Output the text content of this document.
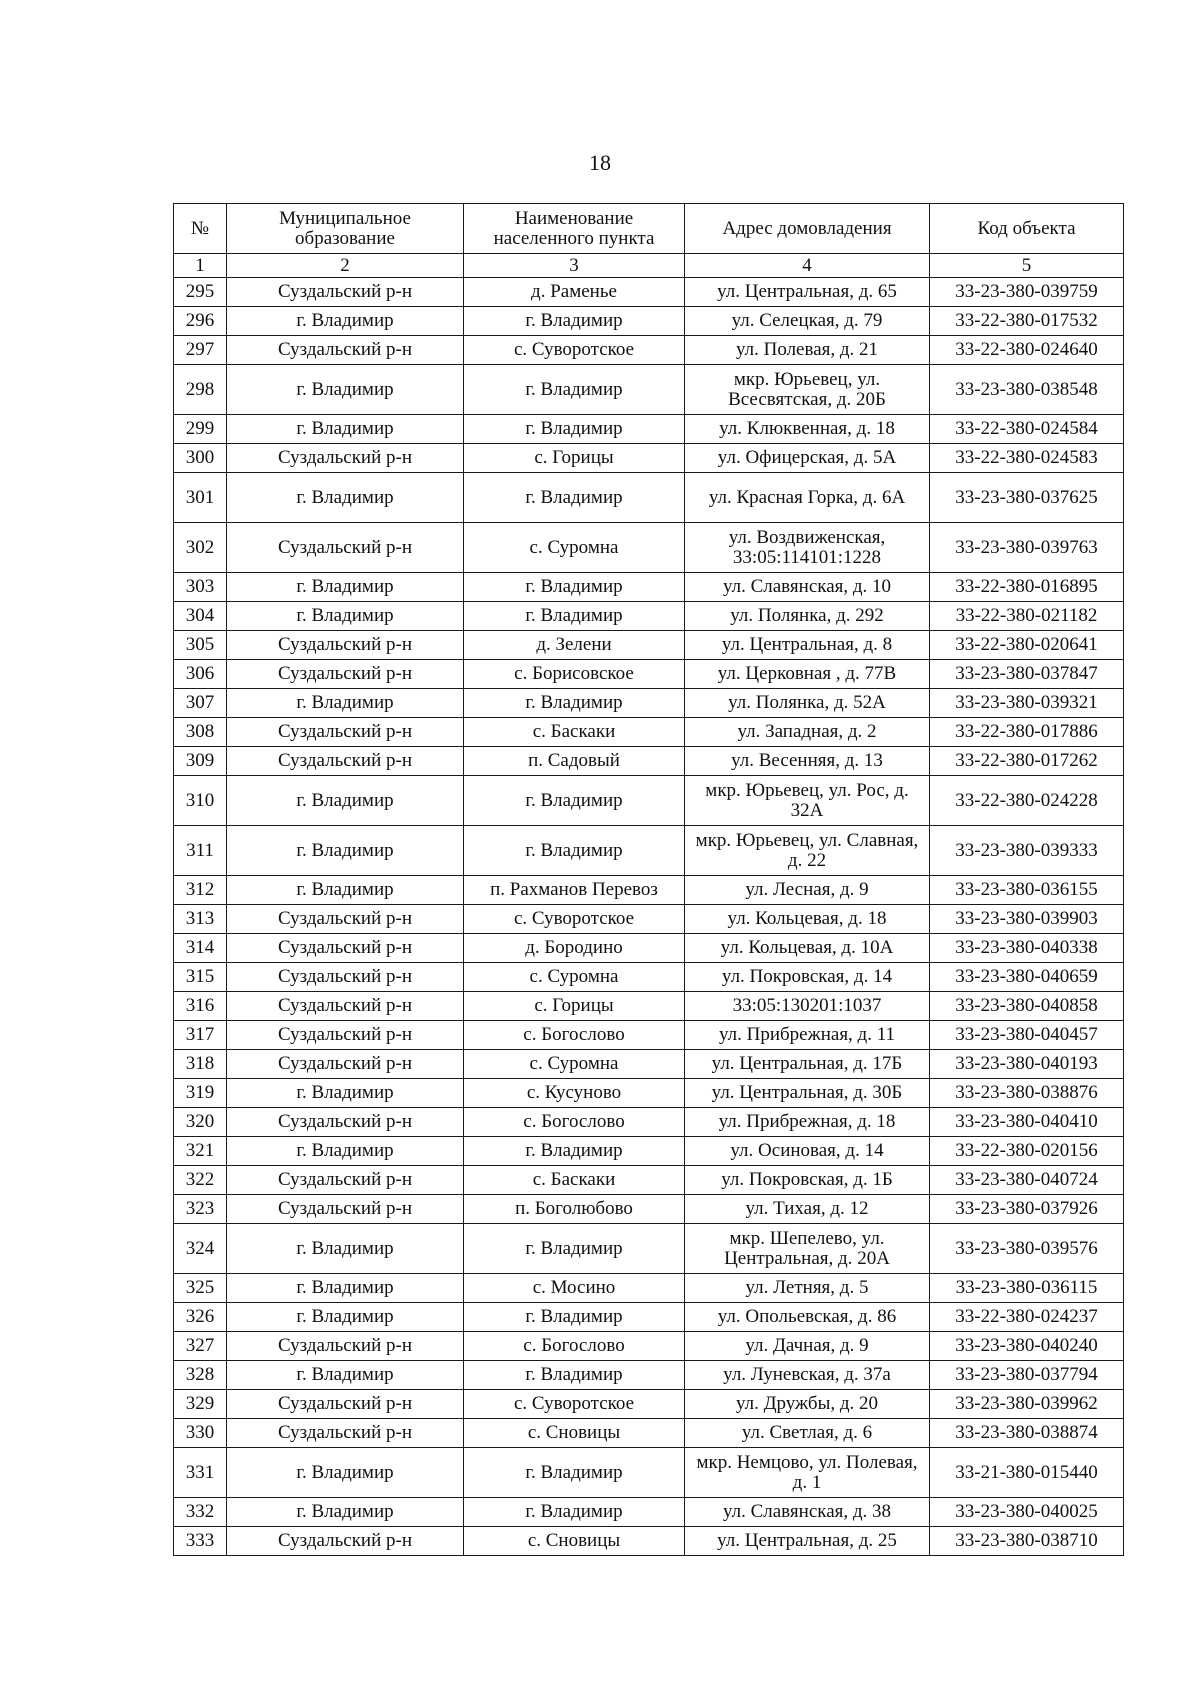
18
№	Муниципальное образование	Наименование населенного пункта	Адрес домовладения	Код объекта
1	2	3	4	5
295	Суздальский р-н	д. Раменье	ул. Центральная, д. 65	33-23-380-039759
296	г. Владимир	г. Владимир	ул. Селецкая, д. 79	33-22-380-017532
297	Суздальский р-н	с. Суворотское	ул. Полевая, д. 21	33-22-380-024640
298	г. Владимир	г. Владимир	мкр. Юрьевец, ул. Всесвятская, д. 20Б	33-23-380-038548
299	г. Владимир	г. Владимир	ул. Клюквенная, д. 18	33-22-380-024584
300	Суздальский р-н	с. Горицы	ул. Офицерская, д. 5А	33-22-380-024583
301	г. Владимир	г. Владимир	ул. Красная Горка, д. 6А	33-23-380-037625
302	Суздальский р-н	с. Суромна	ул. Воздвиженская, 33:05:114101:1228	33-23-380-039763
303	г. Владимир	г. Владимир	ул. Славянская, д. 10	33-22-380-016895
304	г. Владимир	г. Владимир	ул. Полянка, д. 292	33-22-380-021182
305	Суздальский р-н	д. Зелени	ул. Центральная, д. 8	33-22-380-020641
306	Суздальский р-н	с. Борисовское	ул. Церковная , д. 77В	33-23-380-037847
307	г. Владимир	г. Владимир	ул. Полянка, д. 52А	33-23-380-039321
308	Суздальский р-н	с. Баскаки	ул. Западная, д. 2	33-22-380-017886
309	Суздальский р-н	п. Садовый	ул. Весенняя, д. 13	33-22-380-017262
310	г. Владимир	г. Владимир	мкр. Юрьевец, ул. Рос, д. 32А	33-22-380-024228
311	г. Владимир	г. Владимир	мкр. Юрьевец, ул. Славная, д. 22	33-23-380-039333
312	г. Владимир	п. Рахманов Перевоз	ул. Лесная, д. 9	33-23-380-036155
313	Суздальский р-н	с. Суворотское	ул. Кольцевая, д. 18	33-23-380-039903
314	Суздальский р-н	д. Бородино	ул. Кольцевая, д. 10А	33-23-380-040338
315	Суздальский р-н	с. Суромна	ул. Покровская, д. 14	33-23-380-040659
316	Суздальский р-н	с. Горицы	33:05:130201:1037	33-23-380-040858
317	Суздальский р-н	с. Богослово	ул. Прибрежная, д. 11	33-23-380-040457
318	Суздальский р-н	с. Суромна	ул. Центральная, д. 17Б	33-23-380-040193
319	г. Владимир	с. Кусуново	ул. Центральная, д. 30Б	33-23-380-038876
320	Суздальский р-н	с. Богослово	ул. Прибрежная, д. 18	33-23-380-040410
321	г. Владимир	г. Владимир	ул. Осиновая, д. 14	33-22-380-020156
322	Суздальский р-н	с. Баскаки	ул. Покровская, д. 1Б	33-23-380-040724
323	Суздальский р-н	п. Боголюбово	ул. Тихая, д. 12	33-23-380-037926
324	г. Владимир	г. Владимир	мкр. Шепелево, ул. Центральная, д. 20А	33-23-380-039576
325	г. Владимир	с. Мосино	ул. Летняя, д. 5	33-23-380-036115
326	г. Владимир	г. Владимир	ул. Опольевская, д. 86	33-22-380-024237
327	Суздальский р-н	с. Богослово	ул. Дачная, д. 9	33-23-380-040240
328	г. Владимир	г. Владимир	ул. Луневская, д. 37а	33-23-380-037794
329	Суздальский р-н	с. Суворотское	ул. Дружбы, д. 20	33-23-380-039962
330	Суздальский р-н	с. Сновицы	ул. Светлая, д. 6	33-23-380-038874
331	г. Владимир	г. Владимир	мкр. Немцово, ул. Полевая, д. 1	33-21-380-015440
332	г. Владимир	г. Владимир	ул. Славянская, д. 38	33-23-380-040025
333	Суздальский р-н	с. Сновицы	ул. Центральная, д. 25	33-23-380-038710
